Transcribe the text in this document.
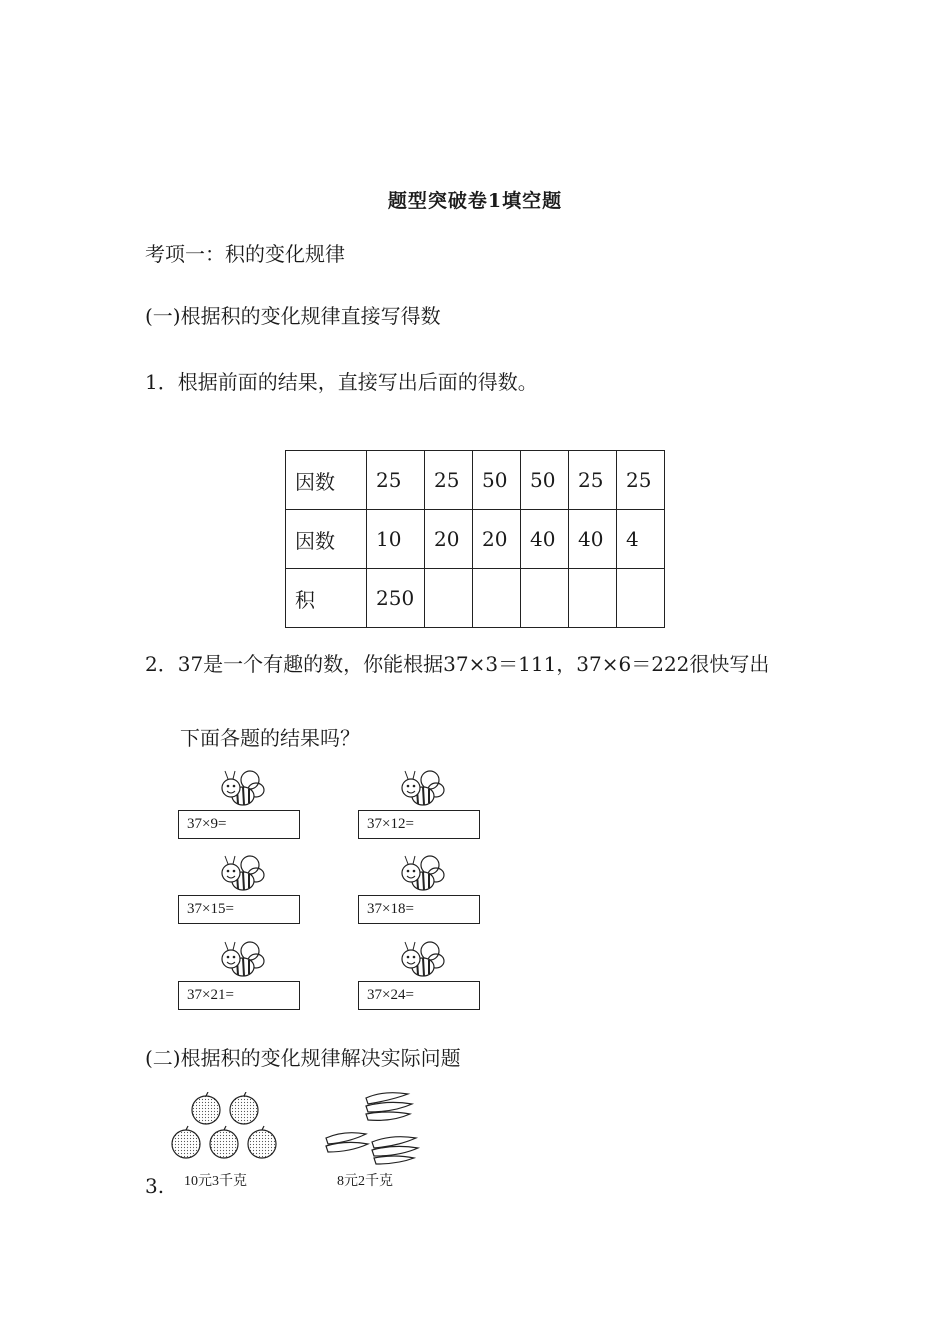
题型突破卷1填空题
考项一：积的变化规律
(一)根据积的变化规律直接写得数
1．根据前面的结果，直接写出后面的得数。
因数	25	25	50	50	25	25
因数	10	20	20	40	40	4
积	250					
2．37是一个有趣的数，你能根据37×3＝111，37×6＝222很快写出
下面各题的结果吗？
37×9=	37×12=
37×15=	37×18=
37×21=	37×24=
(二)根据积的变化规律解决实际问题
3. 10元3千克	8元2千克
